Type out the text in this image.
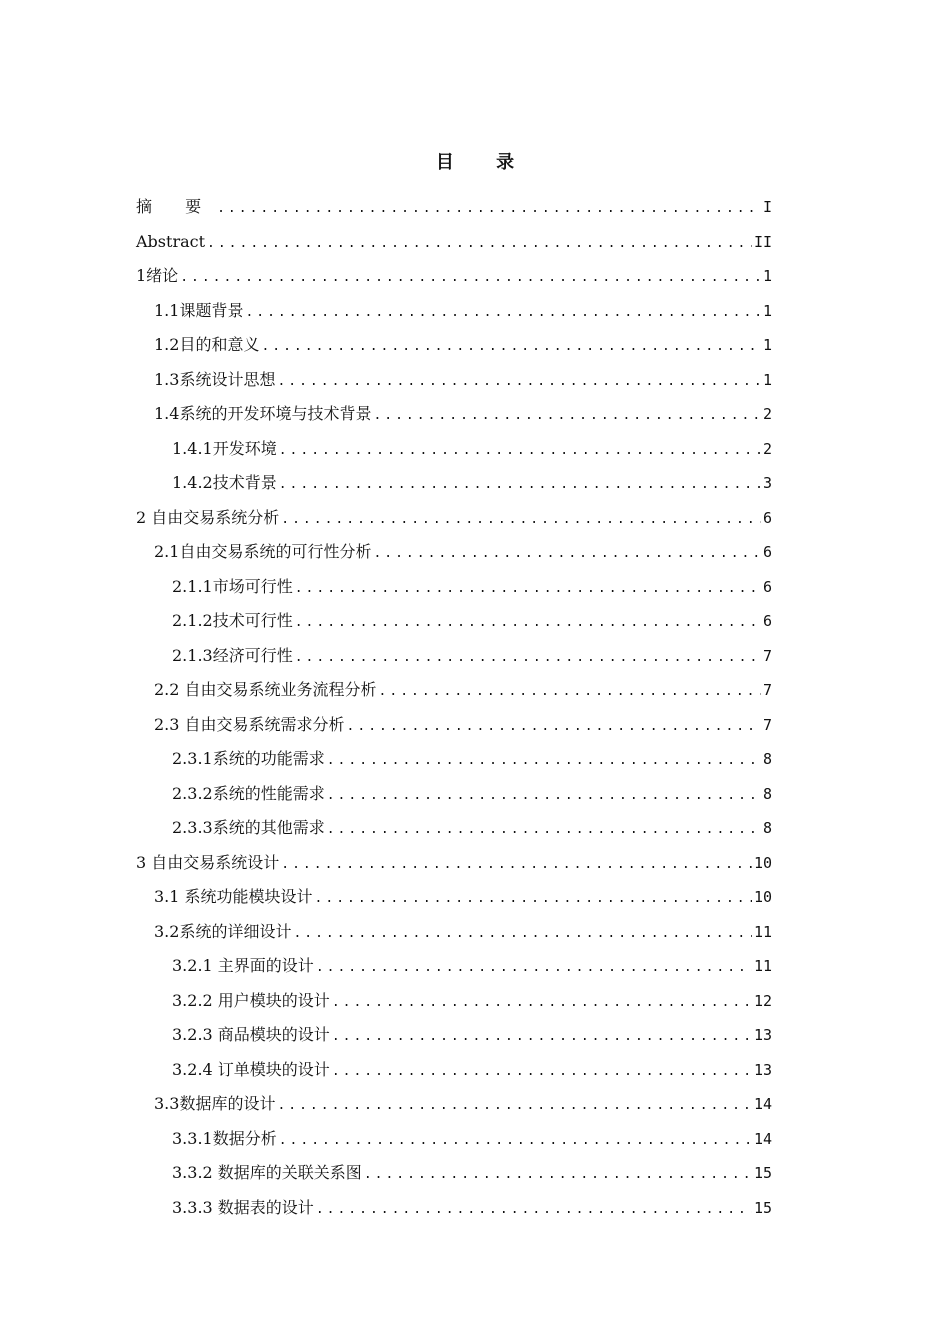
目 录
摘 要 .....	I
Abstract .....	II
1绪论 .....	1
1.1课题背景 .....	1
1.2目的和意义 .....	1
1.3系统设计思想 .....	1
1.4系统的开发环境与技术背景 .....	2
1.4.1开发环境 .....	2
1.4.2技术背景 .....	3
2 自由交易系统分析 .....	6
2.1自由交易系统的可行性分析 .....	6
2.1.1市场可行性 .....	6
2.1.2技术可行性 .....	6
2.1.3经济可行性 .....	7
2.2 自由交易系统业务流程分析 .....	7
2.3 自由交易系统需求分析 .....	7
2.3.1系统的功能需求 .....	8
2.3.2系统的性能需求 .....	8
2.3.3系统的其他需求 .....	8
3 自由交易系统设计 .....	10
3.1 系统功能模块设计 .....	10
3.2系统的详细设计 .....	11
3.2.1 主界面的设计 .....	11
3.2.2 用户模块的设计 .....	12
3.2.3 商品模块的设计 .....	13
3.2.4 订单模块的设计 .....	13
3.3数据库的设计 .....	14
3.3.1数据分析 .....	14
3.3.2 数据库的关联关系图 .....	15
3.3.3 数据表的设计 .....	15
